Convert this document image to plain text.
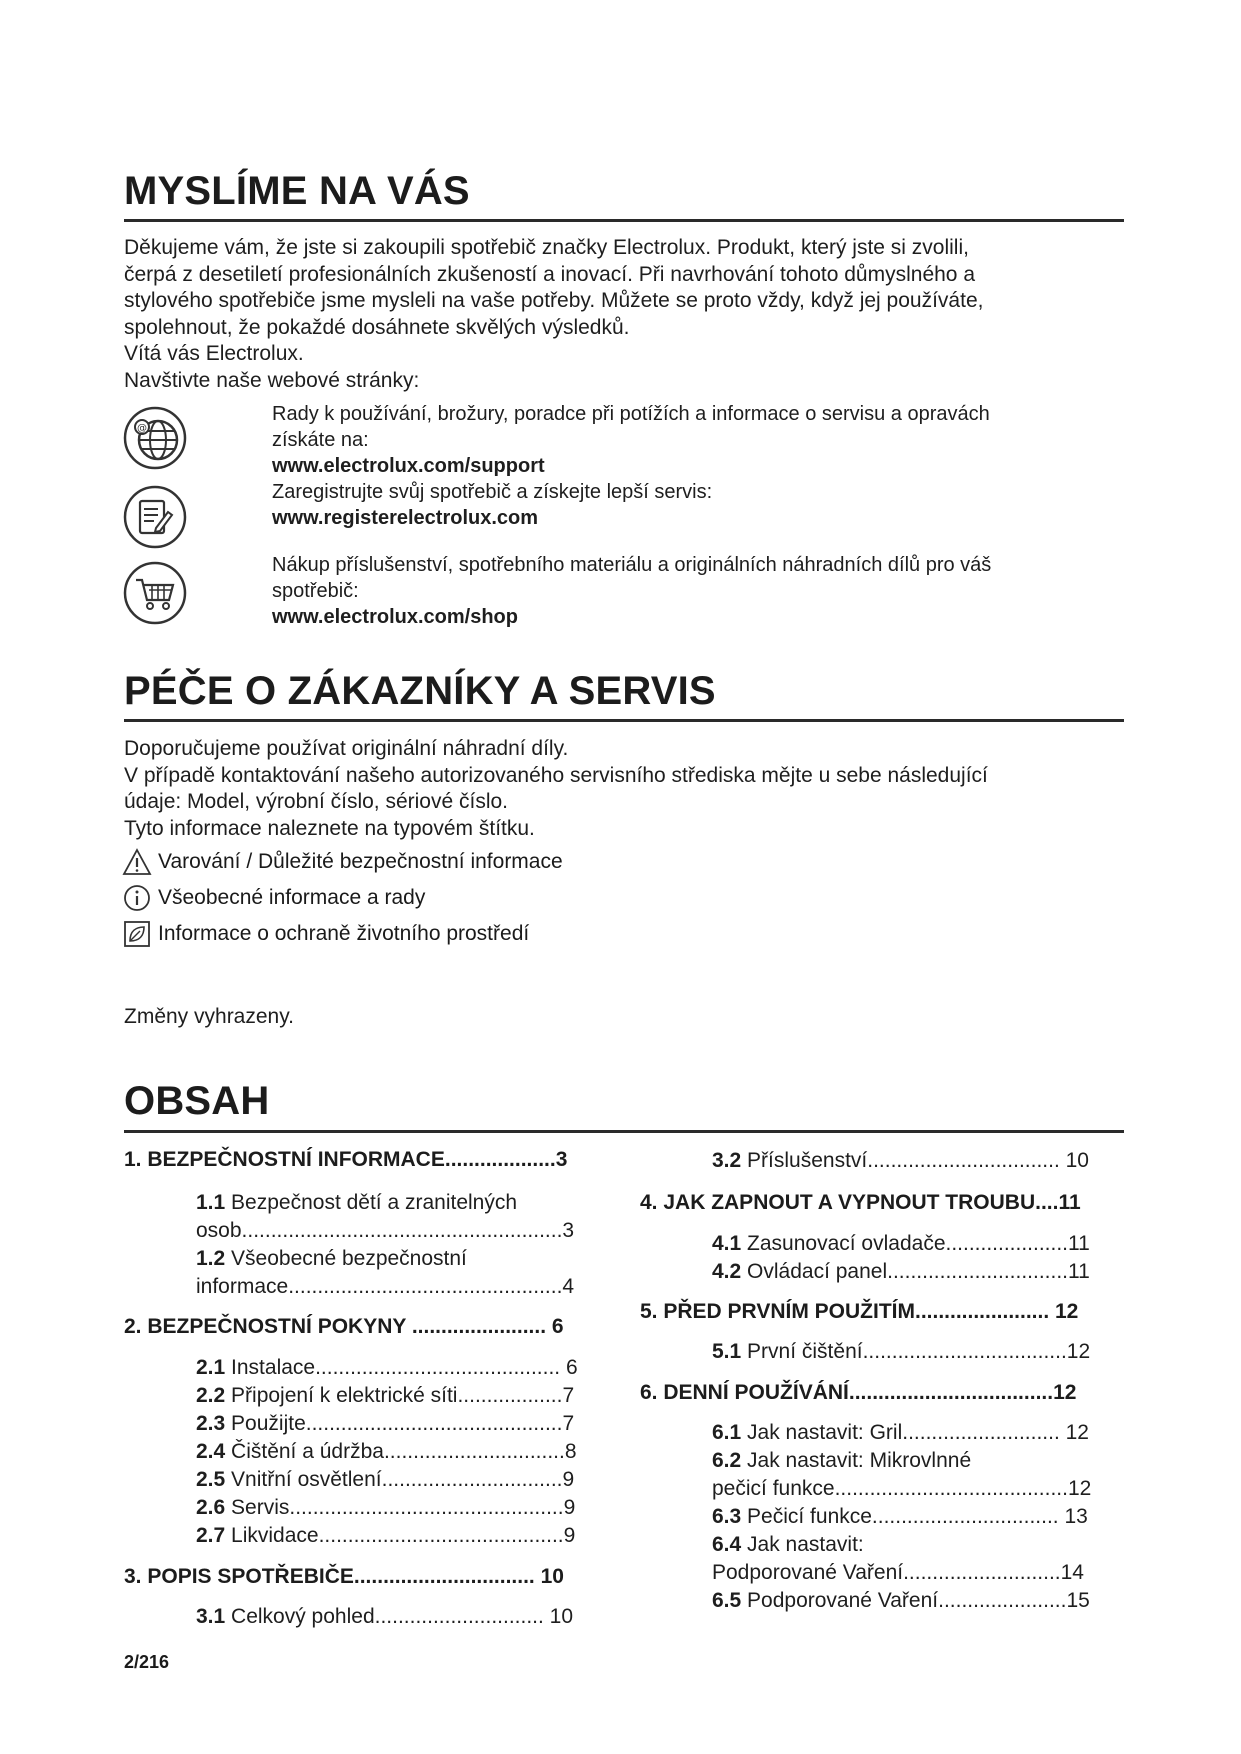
MYSLÍME NA VÁS
Děkujeme vám, že jste si zakoupili spotřebič značky Electrolux. Produkt, který jste si zvolili,
čerpá z desetiletí profesionálních zkušeností a inovací. Při navrhování tohoto důmyslného a
stylového spotřebiče jsme mysleli na vaše potřeby. Můžete se proto vždy, když jej používáte,
spolehnout, že pokaždé dosáhnete skvělých výsledků.
Vítá vás Electrolux.
Navštivte naše webové stránky:
@
Rady k používání, brožury, poradce při potížích a informace o servisu a opravách
získáte na:
www.electrolux.com/support
Zaregistrujte svůj spotřebič a získejte lepší servis:
www.registerelectrolux.com
Nákup příslušenství, spotřebního materiálu a originálních náhradních dílů pro váš
spotřebič:
www.electrolux.com/shop
PÉČE O ZÁKAZNÍKY A SERVIS
Doporučujeme používat originální náhradní díly.
V případě kontaktování našeho autorizovaného servisního střediska mějte u sebe následující
údaje: Model, výrobní číslo, sériové číslo.
Tyto informace naleznete na typovém štítku.
Varování / Důležité bezpečnostní informace
Všeobecné informace a rady
Informace o ochraně životního prostředí
Změny vyhrazeny.
OBSAH
1. BEZPEČNOSTNÍ INFORMACE...................3
1.1 Bezpečnost dětí a zranitelných
osob.......................................................3
1.2 Všeobecné bezpečnostní
informace...............................................4
2. BEZPEČNOSTNÍ POKYNY ....................... 6
2.1 Instalace.......................................... 6
2.2 Připojení k elektrické síti..................7
2.3 Použijte............................................7
2.4 Čištění a údržba...............................8
2.5 Vnitřní osvětlení...............................9
2.6 Servis...............................................9
2.7 Likvidace..........................................9
3. POPIS SPOTŘEBIČE............................... 10
3.1 Celkový pohled............................. 10
3.2 Příslušenství................................. 10
4. JAK ZAPNOUT A VYPNOUT TROUBU....11
4.1 Zasunovací ovladače.....................11
4.2 Ovládací panel...............................11
5. PŘED PRVNÍM POUŽITÍM....................... 12
5.1 První čištění...................................12
6. DENNÍ POUŽÍVÁNÍ...................................12
6.1 Jak nastavit: Gril........................... 12
6.2 Jak nastavit: Mikrovlnné
pečicí funkce........................................12
6.3 Pečicí funkce................................ 13
6.4 Jak nastavit:
Podporované Vaření...........................14
6.5 Podporované Vaření......................15
2/216
